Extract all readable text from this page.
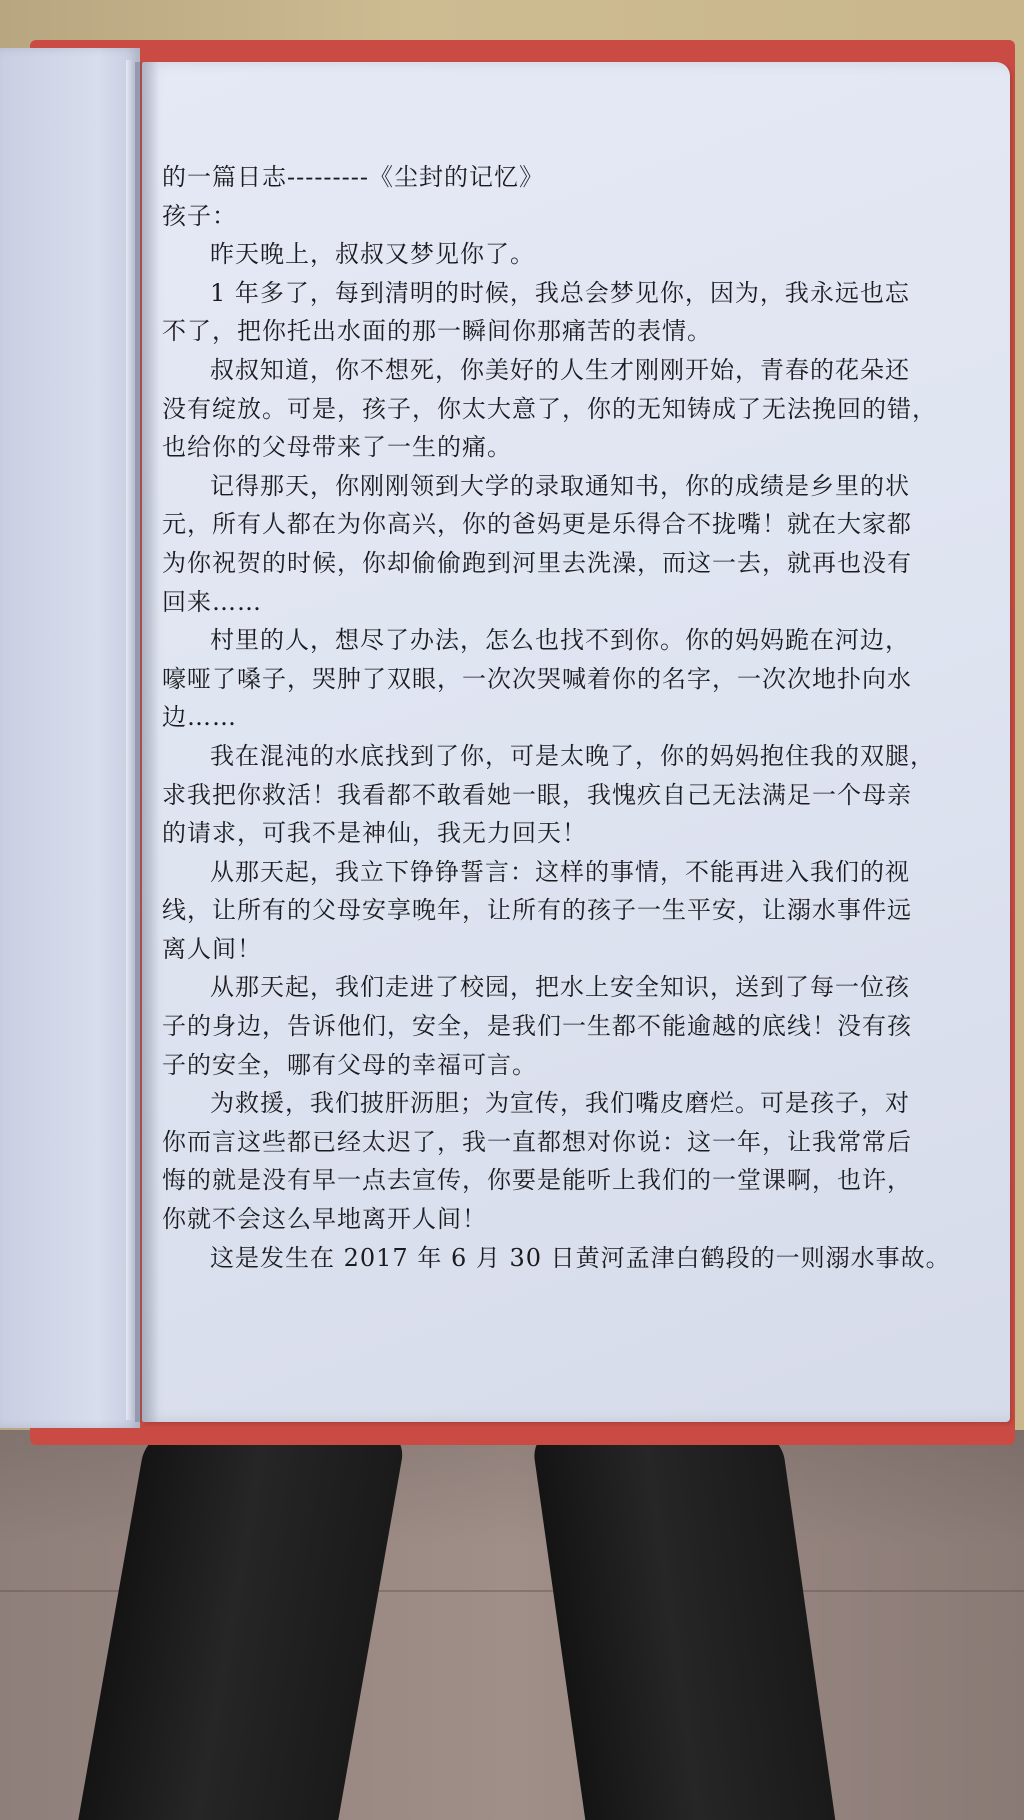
的一篇日志---------《尘封的记忆》
孩子：
昨天晚上，叔叔又梦见你了。
1 年多了，每到清明的时候，我总会梦见你，因为，我永远也忘
不了，把你托出水面的那一瞬间你那痛苦的表情。
叔叔知道，你不想死，你美好的人生才刚刚开始，青春的花朵还
没有绽放。可是，孩子，你太大意了，你的无知铸成了无法挽回的错，
也给你的父母带来了一生的痛。
记得那天，你刚刚领到大学的录取通知书，你的成绩是乡里的状
元，所有人都在为你高兴，你的爸妈更是乐得合不拢嘴！就在大家都
为你祝贺的时候，你却偷偷跑到河里去洗澡，而这一去，就再也没有
回来……
村里的人，想尽了办法，怎么也找不到你。你的妈妈跪在河边，
嚎哑了嗓子，哭肿了双眼，一次次哭喊着你的名字，一次次地扑向水
边……
我在混沌的水底找到了你，可是太晚了，你的妈妈抱住我的双腿，
求我把你救活！我看都不敢看她一眼，我愧疚自己无法满足一个母亲
的请求，可我不是神仙，我无力回天！
从那天起，我立下铮铮誓言：这样的事情，不能再进入我们的视
线，让所有的父母安享晚年，让所有的孩子一生平安，让溺水事件远
离人间！
从那天起，我们走进了校园，把水上安全知识，送到了每一位孩
子的身边，告诉他们，安全，是我们一生都不能逾越的底线！没有孩
子的安全，哪有父母的幸福可言。
为救援，我们披肝沥胆；为宣传，我们嘴皮磨烂。可是孩子，对
你而言这些都已经太迟了，我一直都想对你说：这一年，让我常常后
悔的就是没有早一点去宣传，你要是能听上我们的一堂课啊，也许，
你就不会这么早地离开人间！
这是发生在 2017 年 6 月 30 日黄河孟津白鹤段的一则溺水事故。
